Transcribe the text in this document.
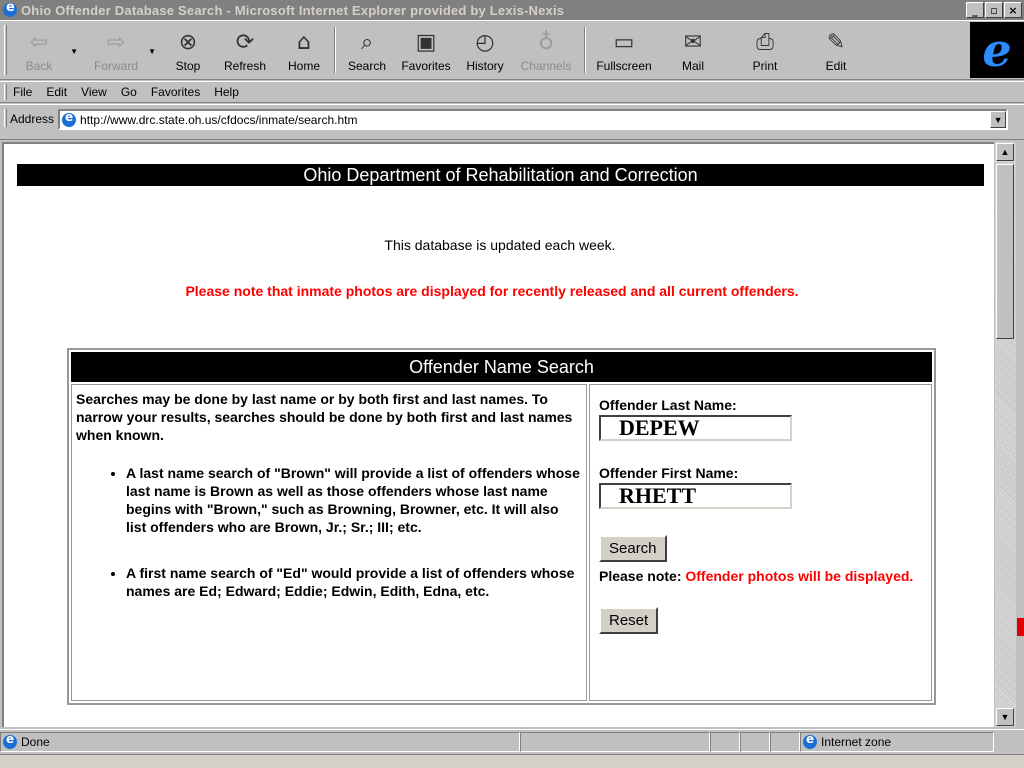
e
Ohio Offender Database Search - Microsoft Internet Explorer provided by Lexis-Nexis	_	▫ ×
⇦
Back
▼ ⇨
Forward
▼ ⊗
Stop
⟳
Refresh
⌂
Home
⌕
Search
▣
Favorites
◴
History
♁
Channels
▭
Fullscreen
✉
Mail
⎙
Print
✎
Edit	e
File Edit View Go Favorites Help
Address e http://www.drc.state.oh.us/cfdocs/inmate/search.htm	▼
Ohio Department of Rehabilitation and Correction
This database is updated each week.
Please note that inmate photos are displayed for recently released and all current offenders.
Offender Name Search

Searches may be done by last name or by both first and last names. To narrow your results, searches should be done by both first and last names when known.

• A last name search of "Brown" will provide a list of offenders whose last name is Brown as well as those offenders whose last name begins with "Brown," such as Browning, Browner, etc. It will also list offenders who are Brown, Jr.; Sr.; III; etc.
• A first name search of "Ed" would provide a list of offenders whose names are Ed; Edward; Eddie; Edwin, Edith, Edna, etc.
Offender Last Name:
DEPEW
Offender First Name:
RHETT
Search
Please note: Offender photos will be displayed.
Reset
▲
▼
e
Done e	Internet zone
